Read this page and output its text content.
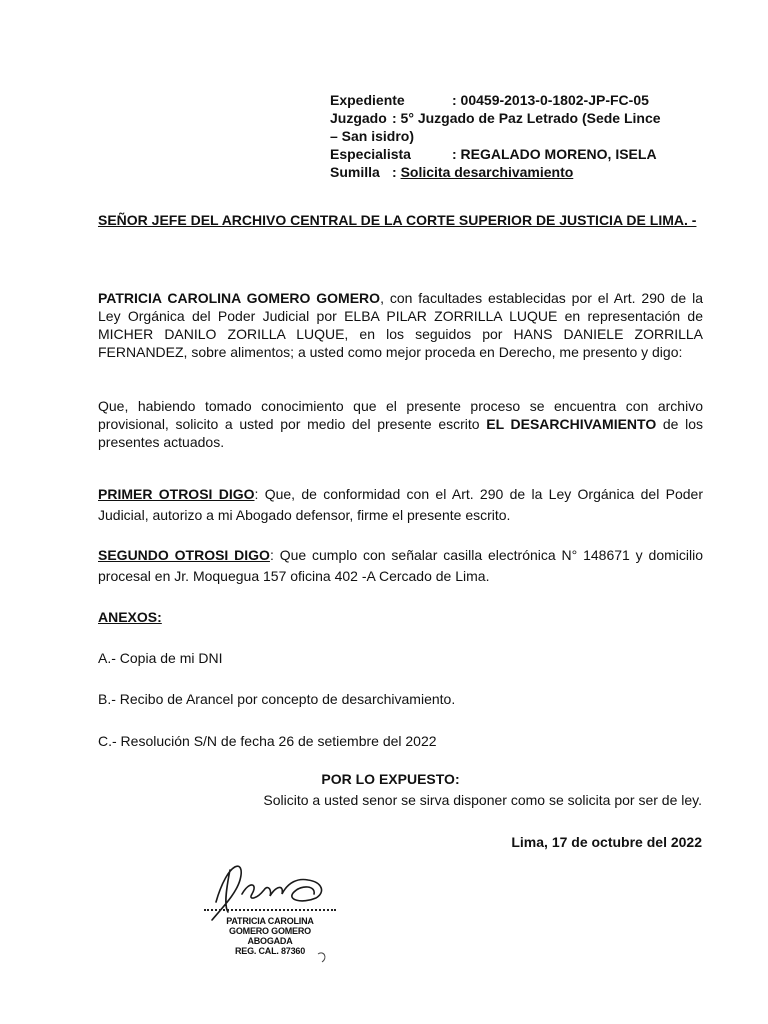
Expediente	: 00459-2013-0-1802-JP-FC-05
Juzgado : 5° Juzgado de Paz Letrado (Sede Lince
– San isidro)
Especialista	: REGALADO MORENO, ISELA
Sumilla : Solicita desarchivamiento
SEÑOR JEFE DEL ARCHIVO CENTRAL DE LA CORTE SUPERIOR DE JUSTICIA DE LIMA. -
PATRICIA CAROLINA GOMERO GOMERO, con facultades establecidas por el Art. 290 de la Ley Orgánica del Poder Judicial por ELBA PILAR ZORRILLA LUQUE en representación de MICHER DANILO ZORILLA LUQUE, en los seguidos por HANS DANIELE ZORRILLA FERNANDEZ, sobre alimentos; a usted como mejor proceda en Derecho, me presento y digo:
Que, habiendo tomado conocimiento que el presente proceso se encuentra con archivo provisional, solicito a usted por medio del presente escrito EL DESARCHIVAMIENTO de los presentes actuados.
PRIMER OTROSI DIGO: Que, de conformidad con el Art. 290 de la Ley Orgánica del Poder Judicial, autorizo a mi Abogado defensor, firme el presente escrito.
SEGUNDO OTROSI DIGO: Que cumplo con señalar casilla electrónica N° 148671 y domicilio procesal en Jr. Moquegua 157 oficina 402 -A Cercado de Lima.
ANEXOS:
A.- Copia de mi DNI
B.- Recibo de Arancel por concepto de desarchivamiento.
C.- Resolución S/N de fecha 26 de setiembre del 2022
POR LO EXPUESTO:
Solicito a usted senor se sirva disponer como se solicita por ser de ley.
Lima, 17 de octubre del 2022
PATRICIA CAROLINA
GOMERO GOMERO
ABOGADA
REG. CAL. 87360
